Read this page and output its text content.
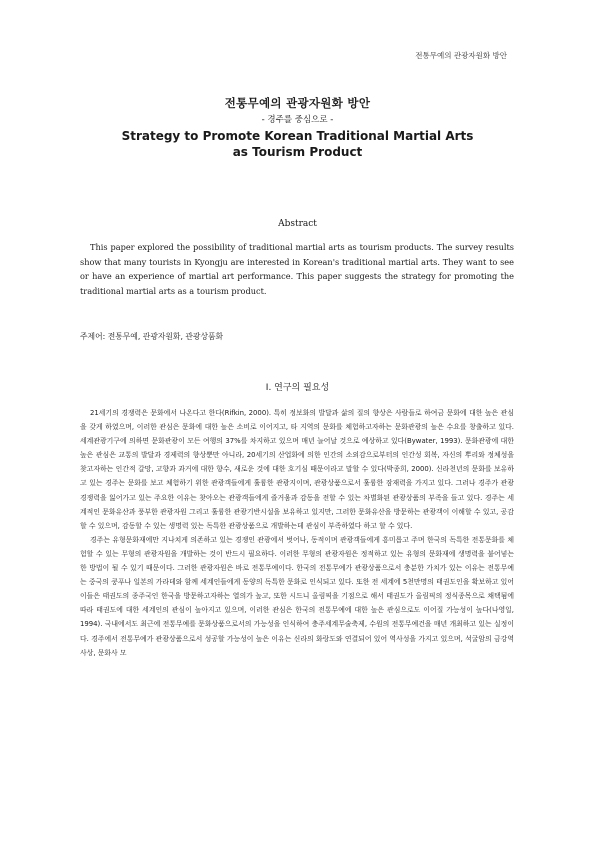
전통무예의 관광자원화 방안
전통무예의 관광자원화 방안
- 경주를 중심으로 -
Strategy to Promote Korean Traditional Martial Arts
as Tourism Product
Abstract
This paper explored the possibility of traditional martial arts as tourism products. The survey results show that many tourists in Kyongju are interested in Korean's traditional martial arts. They want to see or have an experience of martial art performance. This paper suggests the strategy for promoting the traditional martial arts as a tourism product.
주제어: 전통무예, 관광자원화, 관광상품화
Ⅰ. 연구의 필요성

21세기의 경쟁력은 문화에서 나온다고 한다(Rifkin, 2000). 특히 정보화의 발달과 삶의 질의 향상은 사람들로 하여금 문화에 대한 높은 관심을 갖게 하였으며, 이러한 관심은 문화에 대한 높은 소비로 이어지고, 타 지역의 문화를 체험하고자하는 문화관광의 높은 수요를 창출하고 있다. 세계관광기구에 의하면 문화관광이 모든 여행의 37%를 차지하고 있으며 매년 늘어날 것으로 예상하고 있다(Bywater, 1993). 문화관광에 대한 높은 관심은 교통의 발달과 경제력의 향상뿐만 아니라, 20세기의 산업화에 의한 인간의 소외감으로부터의 인간성 회복, 자신의 뿌리와 정체성을 찾고자하는 인간적 갈망, 고향과 과거에 대한 향수, 새로운 것에 대한 호기심 때문이라고 말할 수 있다(박종희, 2000). 신라천년의 문화를 보유하고 있는 경주는 문화를 보고 체험하기 위한 관광객들에게 훌륭한 관광지이며, 관광상품으로서 훌륭한 잠재력을 가지고 있다. 그러나 경주가 관광경쟁력을 잃어가고 있는 주요한 이유는 찾아오는 관광객들에게 즐거움과 감동을 전할 수 있는 차별화된 관광상품의 부족을 들고 있다. 경주는 세계적인 문화유산과 풍부한 관광자원 그리고 훌륭한 관광기반시설을 보유하고 있지만, 그러한 문화유산을 방문하는 관광객이 이해할 수 있고, 공감할 수 있으며, 감동할 수 있는 생명력 있는 독특한 관광상품으로 개발하는데 관심이 부족하였다 하고 할 수 있다.

경주는 유형문화재에만 지나치게 의존하고 있는 경쟁인 관광에서 벗어나, 동적이며 관광객들에게 흥미롭고 주며 한국의 독특한 전통문화를 체험할 수 있는 무형의 관광자원을 개발하는 것이 반드시 필요하다. 이러한 무형의 관광자원은 정적하고 있는 유형의 문화재에 생명력을 불어넣는 한 방법이 될 수 있기 때문이다. 그러한 관광자원은 바로 전통무예이다. 한국의 전통무예가 관광상품으로서 충분한 가치가 있는 이유는 전통무예는 중국의 쿵푸나 일본의 가라데와 함께 세계인들에게 동양의 독특한 문화로 인식되고 있다. 또한 전 세계에 5천만명의 태권도인을 확보하고 있어 이들은 태권도의 종주국인 한국을 방문하고자하는 열의가 높고, 또한 시드니 올림픽을 기점으로 해서 태권도가 올림픽의 정식종목으로 채택됨에 따라 태권도에 대한 세계인의 관심이 높아지고 있으며, 이러한 관심은 한국의 전통무예에 대한 높은 관심으로도 이어질 가능성이 높다(나영일, 1994). 국내에서도 최근에 전통무예를 문화상품으로서의 가능성을 인식하여 충주세계무술축제, 수원의 전통무예건을 매년 개최하고 있는 실정이다. 경주에서 전통무예가 관광상품으로서 성공할 가능성이 높은 이유는 신라의 화랑도와 연결되어 있어 역사성을 가지고 있으며, 석굴암의 금강역사상, 문화사 모
